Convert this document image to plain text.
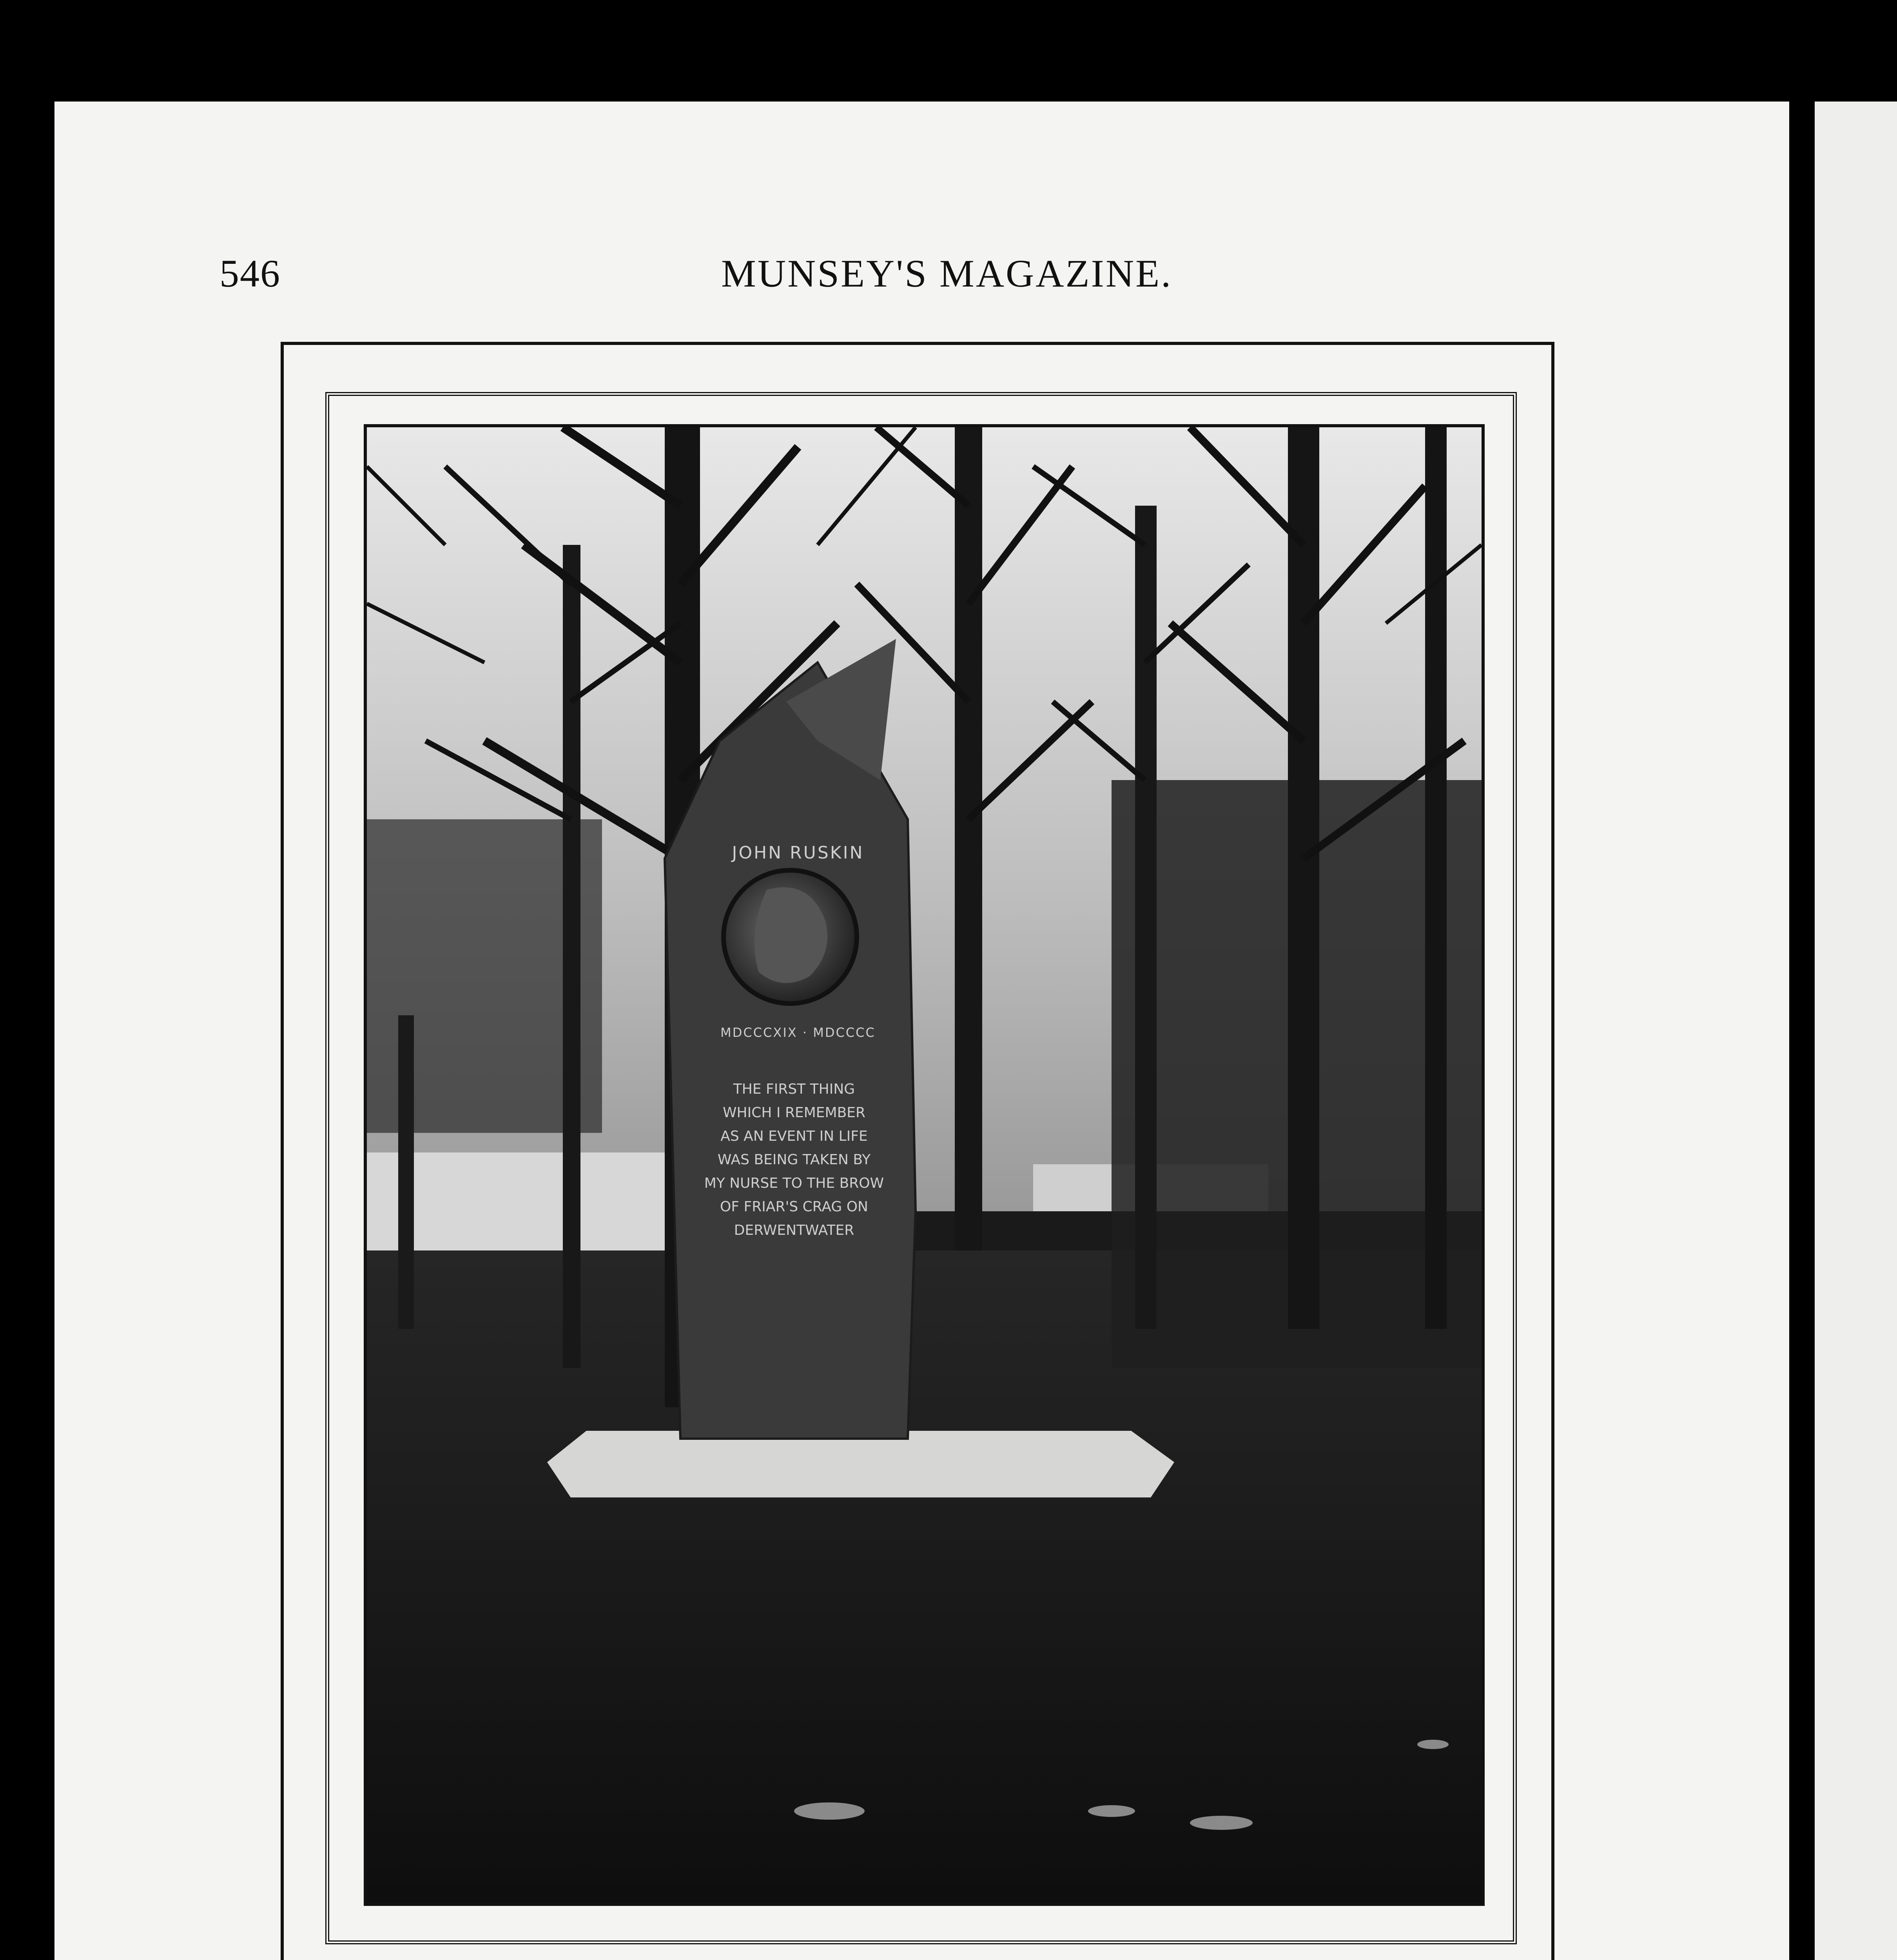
546	MUNSEY'S MAGAZINE.
JOHN RUSKIN
MDCCCXIX · MDCCCC
THE FIRST THING
WHICH I REMEMBER
AS AN EVENT IN LIFE
WAS BEING TAKEN BY
MY NURSE TO THE BROW
OF FRIAR'S CRAG ON
DERWENTWATER
